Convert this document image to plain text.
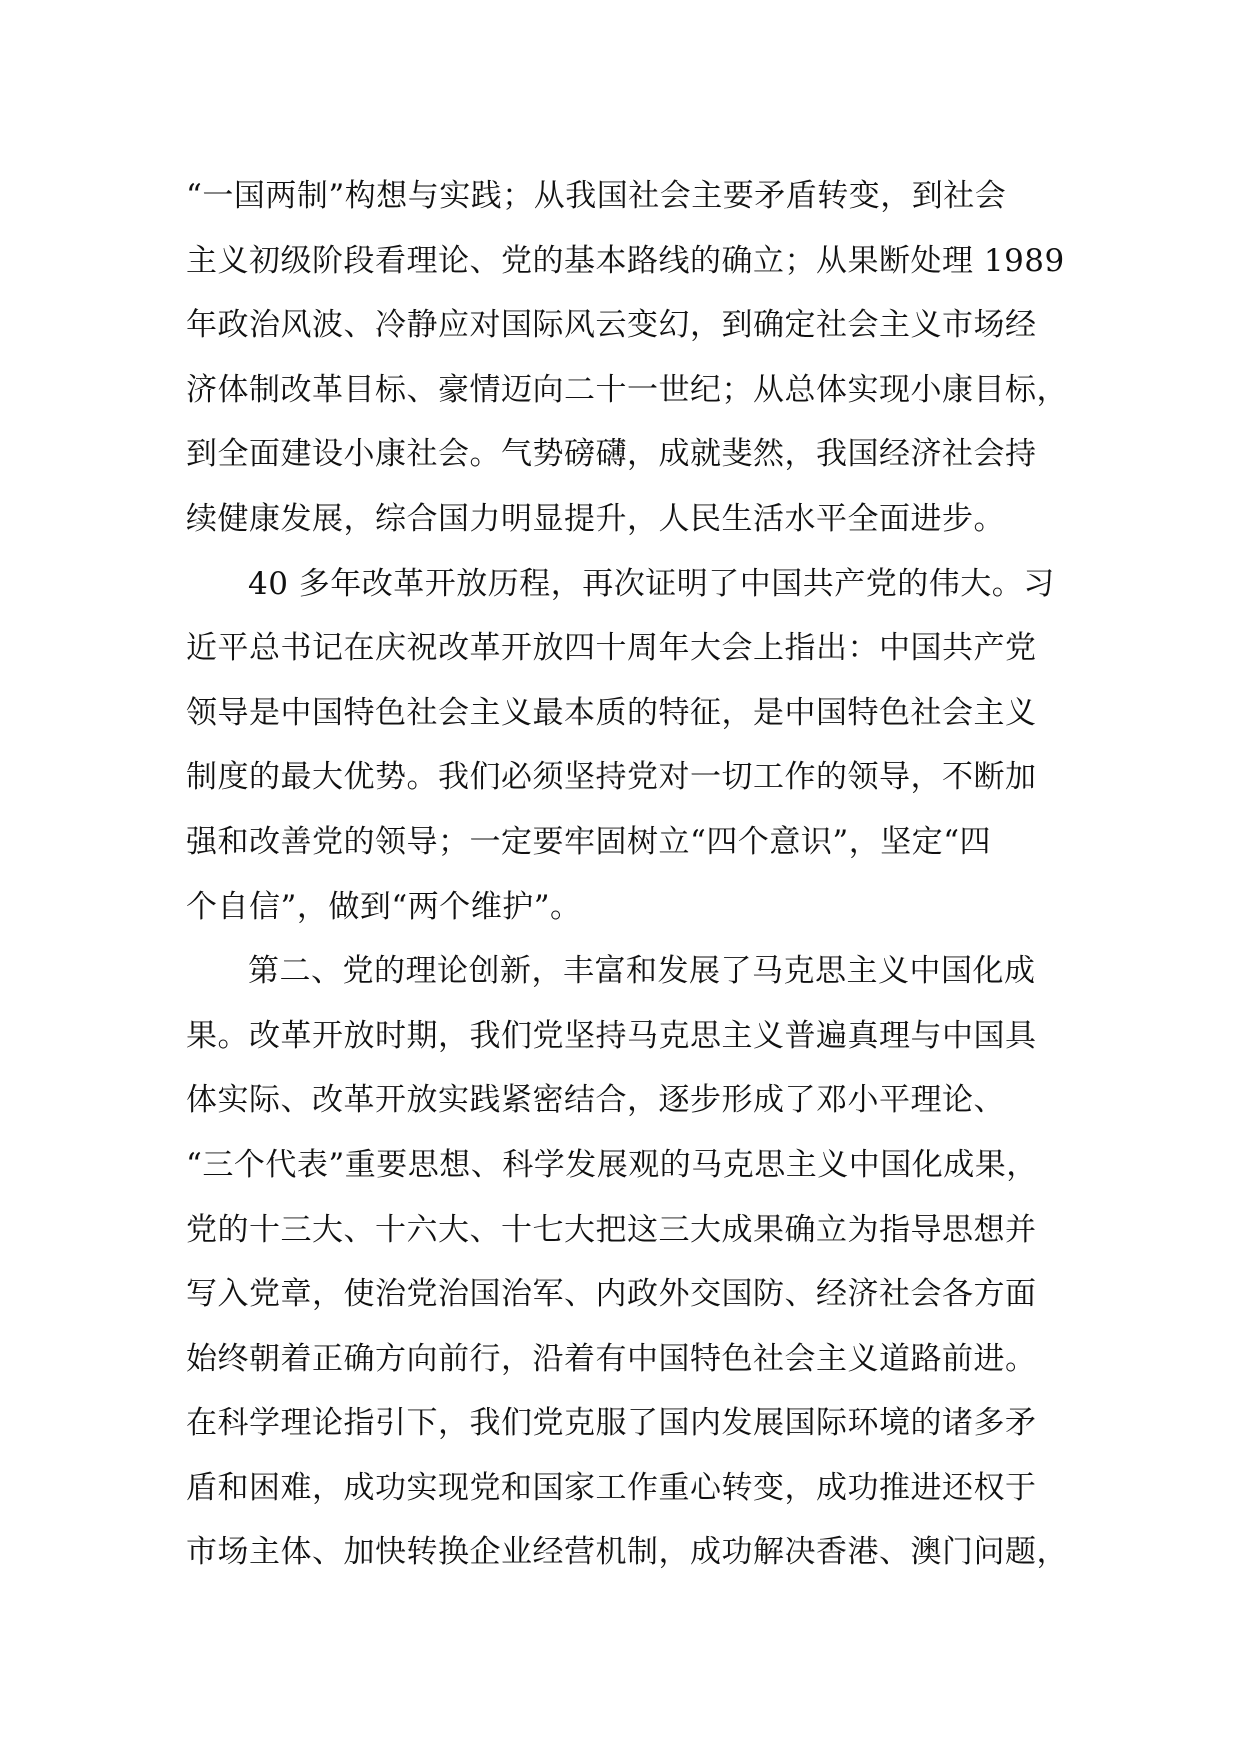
“一国两制”构想与实践；从我国社会主要矛盾转变，到社会
主义初级阶段看理论、党的基本路线的确立；从果断处理 1989
年政治风波、冷静应对国际风云变幻，到确定社会主义市场经
济体制改革目标、豪情迈向二十一世纪；从总体实现小康目标，
到全面建设小康社会。气势磅礴，成就斐然，我国经济社会持
续健康发展，综合国力明显提升，人民生活水平全面进步。
40 多年改革开放历程，再次证明了中国共产党的伟大。习
近平总书记在庆祝改革开放四十周年大会上指出：中国共产党
领导是中国特色社会主义最本质的特征，是中国特色社会主义
制度的最大优势。我们必须坚持党对一切工作的领导，不断加
强和改善党的领导；一定要牢固树立“四个意识”，坚定“四
个自信”，做到“两个维护”。
第二、党的理论创新，丰富和发展了马克思主义中国化成
果。改革开放时期，我们党坚持马克思主义普遍真理与中国具
体实际、改革开放实践紧密结合，逐步形成了邓小平理论、
“三个代表”重要思想、科学发展观的马克思主义中国化成果，
党的十三大、十六大、十七大把这三大成果确立为指导思想并
写入党章，使治党治国治军、内政外交国防、经济社会各方面
始终朝着正确方向前行，沿着有中国特色社会主义道路前进。
在科学理论指引下，我们党克服了国内发展国际环境的诸多矛
盾和困难，成功实现党和国家工作重心转变，成功推进还权于
市场主体、加快转换企业经营机制，成功解决香港、澳门问题，
